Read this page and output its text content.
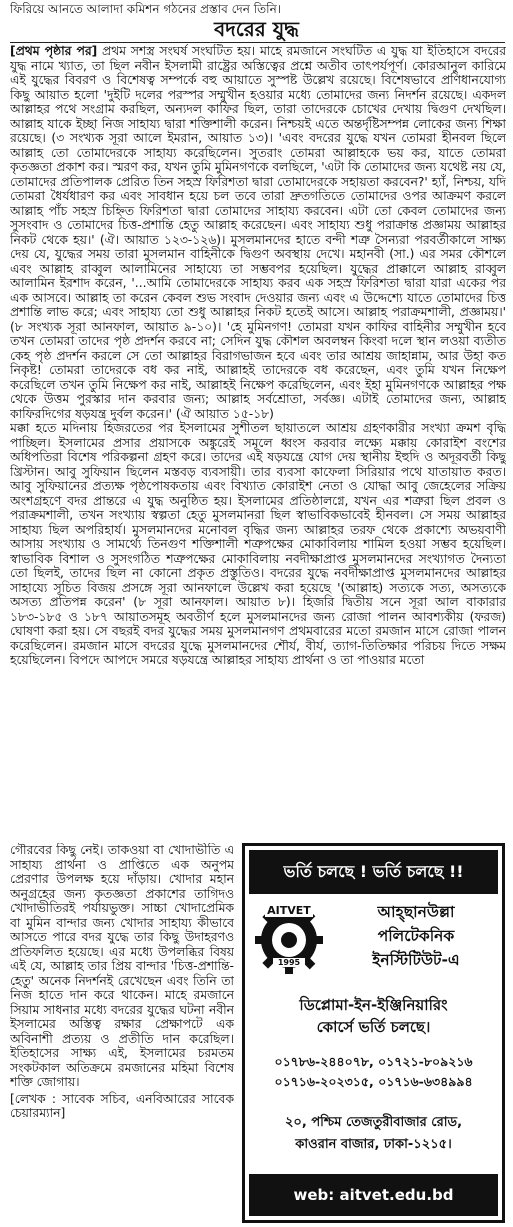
ফিরিয়ে আনতে আলাদা কমিশন গঠনের প্রস্তাব দেন তিনি।
বদরের যুদ্ধ

[প্রথম পৃষ্ঠার পর] প্রথম সশস্ত্র সংঘর্ষ সংঘটিত হয়। মাহে রমজানে সংঘটিত এ যুদ্ধ যা ইতিহাসে বদরের যুদ্ধ নামে খ্যাত, তা ছিল নবীন ইসলামী রাষ্ট্রের অস্তিত্বের প্রশ্নে অতীব তাৎপর্যপূর্ণ। কোরআনুল কারিমে এই যুদ্ধের বিবরণ ও বিশেষত্ব সম্পর্কে বহু আয়াতে সুস্পষ্ট উল্লেখ রয়েছে। বিশেষভাবে প্রণিধানযোগ্য কিছু আয়াত হলো 'দুইটি দলের পরস্পর সম্মুখীন হওয়ার মধ্যে তোমাদের জন্য নিদর্শন রয়েছে। একদল আল্লাহর পথে সংগ্রাম করছিল, অন্যদল কাফির ছিল, তারা তাদেরকে চোখের দেখায় দ্বিগুণ দেখছিল। আল্লাহ যাকে ইচ্ছা নিজ সাহায্য দ্বারা শক্তিশালী করেন। নিশ্চয়ই এতে অন্তর্দৃষ্টিসম্পন্ন লোকের জন্য শিক্ষা রয়েছে। (৩ সংখ্যক সূরা আলে ইমরান, আয়াত ১৩)। 'এবং বদরের যুদ্ধে যখন তোমরা হীনবল ছিলে আল্লাহ তো তোমাদেরকে সাহায্য করেছিলেন। সুতরাং তোমরা আল্লাহকে ভয় কর, যাতে তোমরা কৃতজ্ঞতা প্রকাশ কর। স্মরণ কর, যখন তুমি মুমিনগণকে বলছিলে, 'এটা কি তোমাদের জন্য যথেষ্ট নয় যে, তোমাদের প্রতিপালক প্রেরিত তিন সহস্র ফিরিশতা দ্বারা তোমাদেরকে সহায়তা করবেন?' হ্যাঁ, নিশ্চয়, যদি তোমরা ধৈর্যধারণ কর এবং সাবধান হয়ে চল তবে তারা দ্রুতগতিতে তোমাদের ওপর আক্রমণ করলে আল্লাহ পাঁচ সহস্র চিহ্নিত ফিরিশতা দ্বারা তোমাদের সাহায্য করবেন। এটা তো কেবল তোমাদের জন্য সুসংবাদ ও তোমাদের চিত্ত-প্রশান্তি হেতু আল্লাহ করেছেন। এবং সাহায্য শুধু পরাক্রান্ত প্রজ্ঞাময় আল্লাহর নিকট থেকে হয়।' (ঐ। আয়াত ১২৩-১২৬)। মুসলমানদের হাতে বন্দী শত্রু সৈন্যরা পরবর্তীকালে সাক্ষ্য দেয় যে, যুদ্ধের সময় তারা মুসলমান বাহিনীকে দ্বিগুণ অবস্থায় দেখে। মহানবী (সা.) এর সমর কৌশলে এবং আল্লাহ রাব্বুল আলামিনের সাহায্যে তা সম্ভবপর হয়েছিল। যুদ্ধের প্রাক্কালে আল্লাহ রাব্বুল আলামিন ইরশাদ করেন, '...আমি তোমাদেরকে সাহায্য করব এক সহস্র ফিরিশতা দ্বারা যারা একের পর এক আসবে। আল্লাহ তা করেন কেবল শুভ সংবাদ দেওয়ার জন্য এবং এ উদ্দেশ্যে যাতে তোমাদের চিত্ত প্রশান্তি লাভ করে; এবং সাহায্য তো শুধু আল্লাহর নিকট হতেই আসে। আল্লাহ পরাক্রমশালী, প্রজ্ঞাময়।' (৮ সংখ্যক সূরা আনফাল, আয়াত ৯-১০)। 'হে মুমিনগণ! তোমরা যখন কাফির বাহিনীর সম্মুখীন হবে তখন তোমরা তাদের পৃষ্ঠ প্রদর্শন করবে না; সেদিন যুদ্ধ কৌশল অবলম্বন কিংবা দলে স্থান লওয়া ব্যতীত কেহ পৃষ্ঠ প্রদর্শন করলে সে তো আল্লাহর বিরাগভাজন হবে এবং তার আশ্রয় জাহান্নাম, আর উহা কত নিকৃষ্ট! তোমরা তাদেরকে বধ কর নাই, আল্লাহই তাদেরকে বধ করেছেন, এবং তুমি যখন নিক্ষেপ করেছিলে তখন তুমি নিক্ষেপ কর নাই, আল্লাহই নিক্ষেপ করেছিলেন, এবং ইহা মুমিনগণকে আল্লাহর পক্ষ থেকে উত্তম পুরস্কার দান করবার জন্য; আল্লাহ সর্বশ্রোতা, সর্বজ্ঞ। এটাই তোমাদের জন্য, আল্লাহ কাফিরদিগের ষড়যন্ত্র দুর্বল করেন।' (ঐ আয়াত ১৫-১৮)

মক্কা হতে মদিনায় হিজরতের পর ইসলামের সুশীতল ছায়াতলে আশ্রয় গ্রহণকারীর সংখ্যা ক্রমশ বৃদ্ধি পাচ্ছিল। ইসলামের প্রসার প্রয়াসকে অঙ্কুরেই সমূলে ধ্বংস করবার লক্ষ্যে মক্কায় কোরাইশ বংশের অধিপতিরা বিশেষ পরিকল্পনা গ্রহণ করে। তাদের এই ষড়যন্ত্রে যোগ দেয় স্থানীয় ইহুদি ও অদূরবর্তী কিছু খ্রিস্টান। আবু সুফিয়ান ছিলেন মস্তবড় ব্যবসায়ী। তার ব্যবসা কাফেলা সিরিয়ার পথে যাতায়াত করত। আবু সুফিয়ানের প্রত্যক্ষ পৃষ্ঠপোষকতায় এবং বিখ্যাত কোরাইশ নেতা ও যোদ্ধা আবু জেহেলের সক্রিয় অংশগ্রহণে বদর প্রান্তরে এ যুদ্ধ অনুষ্ঠিত হয়। ইসলামের প্রতিষ্ঠালগ্নে, যখন এর শত্রুরা ছিল প্রবল ও পরাক্রমশালী, তখন সংখ্যায় স্বল্পতা হেতু মুসলমানরা ছিল স্বাভাবিকভাবেই হীনবল। সে সময় আল্লাহর সাহায্য ছিল অপরিহার্য। মুসলমানদের মনোবল বৃদ্ধির জন্য আল্লাহর তরফ থেকে প্রকাশ্যে অভয়বাণী আসায় সংখ্যায় ও সামর্থ্যে তিনগুণ শক্তিশালী শত্রুপক্ষের মোকাবিলায় শামিল হওয়া সম্ভব হয়েছিল। স্বাভাবিক বিশাল ও সুসংগঠিত শত্রুপক্ষের মোকাবিলায় নবদীক্ষাপ্রাপ্ত মুসলমানদের সংখ্যাগত দৈন্যতা তো ছিলই, তাদের ছিল না কোনো প্রকৃত প্রস্তুতিও। বদরের যুদ্ধে নবদীক্ষাপ্রাপ্ত মুসলমানদের আল্লাহর সাহায্যে সূচিত বিজয় প্রসঙ্গে সূরা আনফালে উল্লেখ করা হয়েছে '(আল্লাহ) সত্যকে সত্য, অসত্যকে অসত্য প্রতিপন্ন করেন' (৮ সূরা আনফাল। আয়াত ৮)। হিজরি দ্বিতীয় সনে সূরা আল বাকারার ১৮৩-১৮৫ ও ১৮৭ আয়াতসমূহ অবতীর্ণ হলে মুসলমানদের জন্য রোজা পালন আবশ্যকীয় (ফরজ) ঘোষণা করা হয়। সে বছরই বদর যুদ্ধের সময় মুসলমানগণ প্রথমবারের মতো রমজান মাসে রোজা পালন করেছিলেন। রমজান মাসে বদরের যুদ্ধে মুসলমানদের শৌর্য, বীর্য, ত্যাগ-তিতিক্ষার পরিচয় দিতে সক্ষম হয়েছিলেন। বিপদে আপদে সমরে ষড়যন্ত্রে আল্লাহর সাহায্য প্রার্থনা ও তা পাওয়ার মতো

গৌরবের কিছু নেই। তাকওয়া বা খোদাভীতি এ সাহায্য প্রার্থনা ও প্রাপ্তিতে এক অনুপম প্রেরণার উপলক্ষ হয়ে দাঁড়ায়। খোদার মহান অনুগ্রহের জন্য কৃতজ্ঞতা প্রকাশের তাগিদও খোদাভীতিরই পর্যায়ভুক্ত। সাচ্চা খোদাপ্রেমিক বা মুমিন বান্দার জন্য খোদার সাহায্য কীভাবে আসতে পারে বদর যুদ্ধে তার কিছু উদাহরণও প্রতিফলিত হয়েছে। এর মধ্যে উপলব্ধির বিষয় এই যে, আল্লাহ তার প্রিয় বান্দার 'চিত্ত-প্রশান্তি-হেতু' অনেক নিদর্শনই রেখেছেন এবং তিনি তা নিজ হাতে দান করে থাকেন। মাহে রমজানে সিয়াম সাধনার মধ্যে বদরের যুদ্ধের ঘটনা নবীন ইসলামের অস্তিত্ব রক্ষার প্রেক্ষাপটে এক অবিনাশী প্রত্যয় ও প্রতীতি দান করেছিল। ইতিহাসের সাক্ষ্য এই, ইসলামের চরমতম সংকটকাল অতিক্রমে রমজানের মহিমা বিশেষ শক্তি জোগায়।

[লেখক : সাবেক সচিব, এনবিআরের সাবেক চেয়ারম্যান]

ভর্তি চলছে ! ভর্তি চলছে !!
AITVET
1995
আহ্ছানউল্লা
পলিটেকনিক
ইনস্টিটিউট-এ
ডিপ্লোমা-ইন-ইঞ্জিনিয়ারিং
কোর্সে ভর্তি চলছে।
০১৭৮৬-২৪৪০৭৮, ০১৭২১-৮০৯২১৬
০১৭১৬-২০২৩১৫, ০১৭১৬-৬৩৪৯৯৪
২০, পশ্চিম তেজতুরীবাজার রোড,
কাওরান বাজার, ঢাকা-১২১৫।
web: aitvet.edu.bd
